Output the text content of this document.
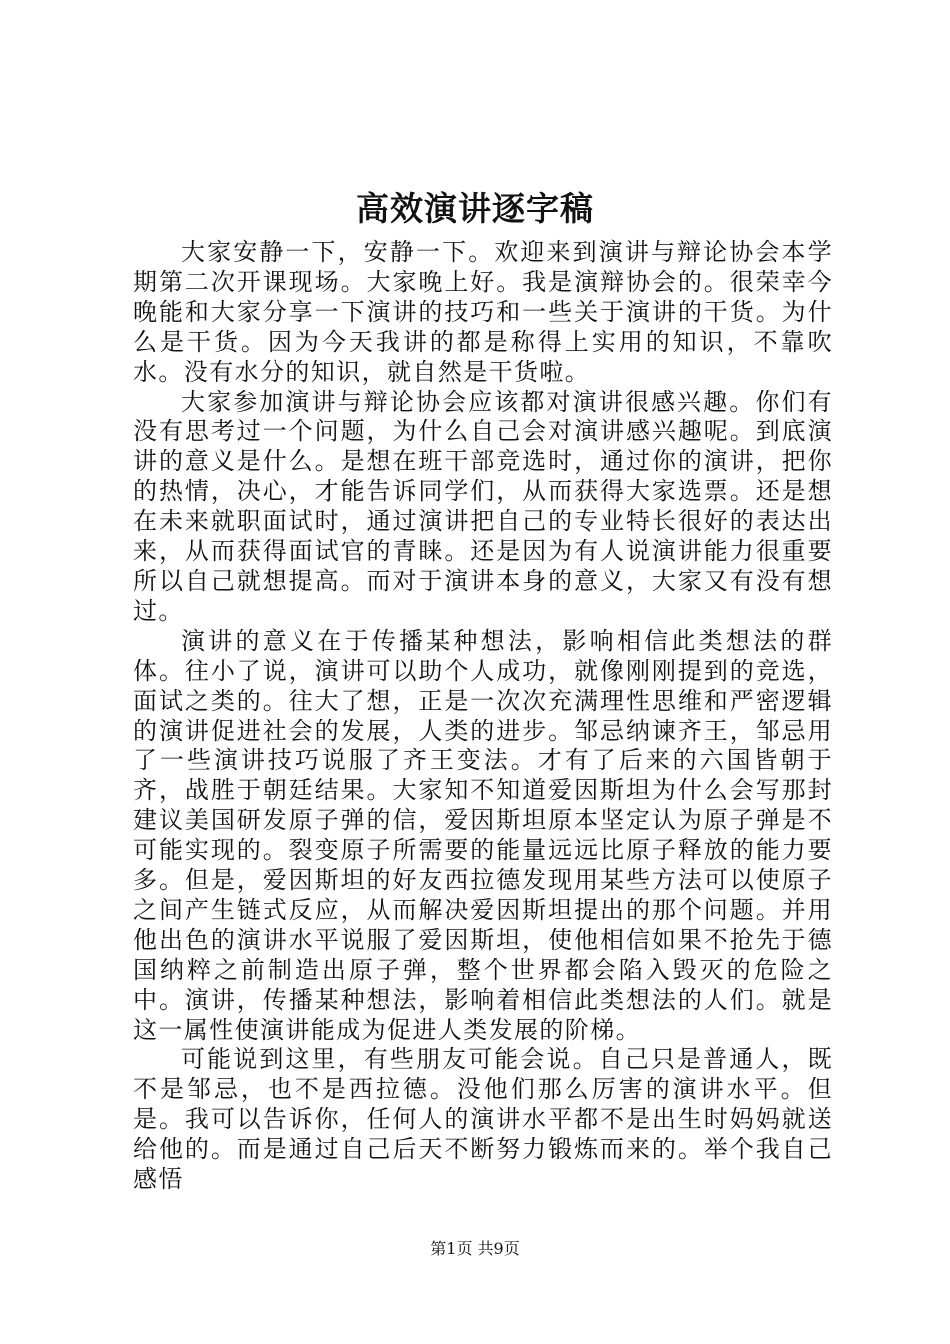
高效演讲逐字稿

大家安静一下，安静一下。欢迎来到演讲与辩论协会本学期第二次开课现场。大家晚上好。我是演辩协会的。很荣幸今晚能和大家分享一下演讲的技巧和一些关于演讲的干货。为什么是干货。因为今天我讲的都是称得上实用的知识，不靠吹水。没有水分的知识，就自然是干货啦。

大家参加演讲与辩论协会应该都对演讲很感兴趣。你们有没有思考过一个问题，为什么自己会对演讲感兴趣呢。到底演讲的意义是什么。是想在班干部竞选时，通过你的演讲，把你的热情，决心，才能告诉同学们，从而获得大家选票。还是想在未来就职面试时，通过演讲把自己的专业特长很好的表达出来，从而获得面试官的青睐。还是因为有人说演讲能力很重要所以自己就想提高。而对于演讲本身的意义，大家又有没有想过。

演讲的意义在于传播某种想法，影响相信此类想法的群体。往小了说，演讲可以助个人成功，就像刚刚提到的竞选，面试之类的。往大了想，正是一次次充满理性思维和严密逻辑的演讲促进社会的发展，人类的进步。邹忌纳谏齐王，邹忌用了一些演讲技巧说服了齐王变法。才有了后来的六国皆朝于齐，战胜于朝廷结果。大家知不知道爱因斯坦为什么会写那封建议美国研发原子弹的信，爱因斯坦原本坚定认为原子弹是不可能实现的。裂变原子所需要的能量远远比原子释放的能力要多。但是，爱因斯坦的好友西拉德发现用某些方法可以使原子之间产生链式反应，从而解决爱因斯坦提出的那个问题。并用他出色的演讲水平说服了爱因斯坦，使他相信如果不抢先于德国纳粹之前制造出原子弹，整个世界都会陷入毁灭的危险之中。演讲，传播某种想法，影响着相信此类想法的人们。就是这一属性使演讲能成为促进人类发展的阶梯。

可能说到这里，有些朋友可能会说。自己只是普通人，既不是邹忌，也不是西拉德。没他们那么厉害的演讲水平。但是。我可以告诉你，任何人的演讲水平都不是出生时妈妈就送给他的。而是通过自己后天不断努力锻炼而来的。举个我自己感悟

第1页 共9页
